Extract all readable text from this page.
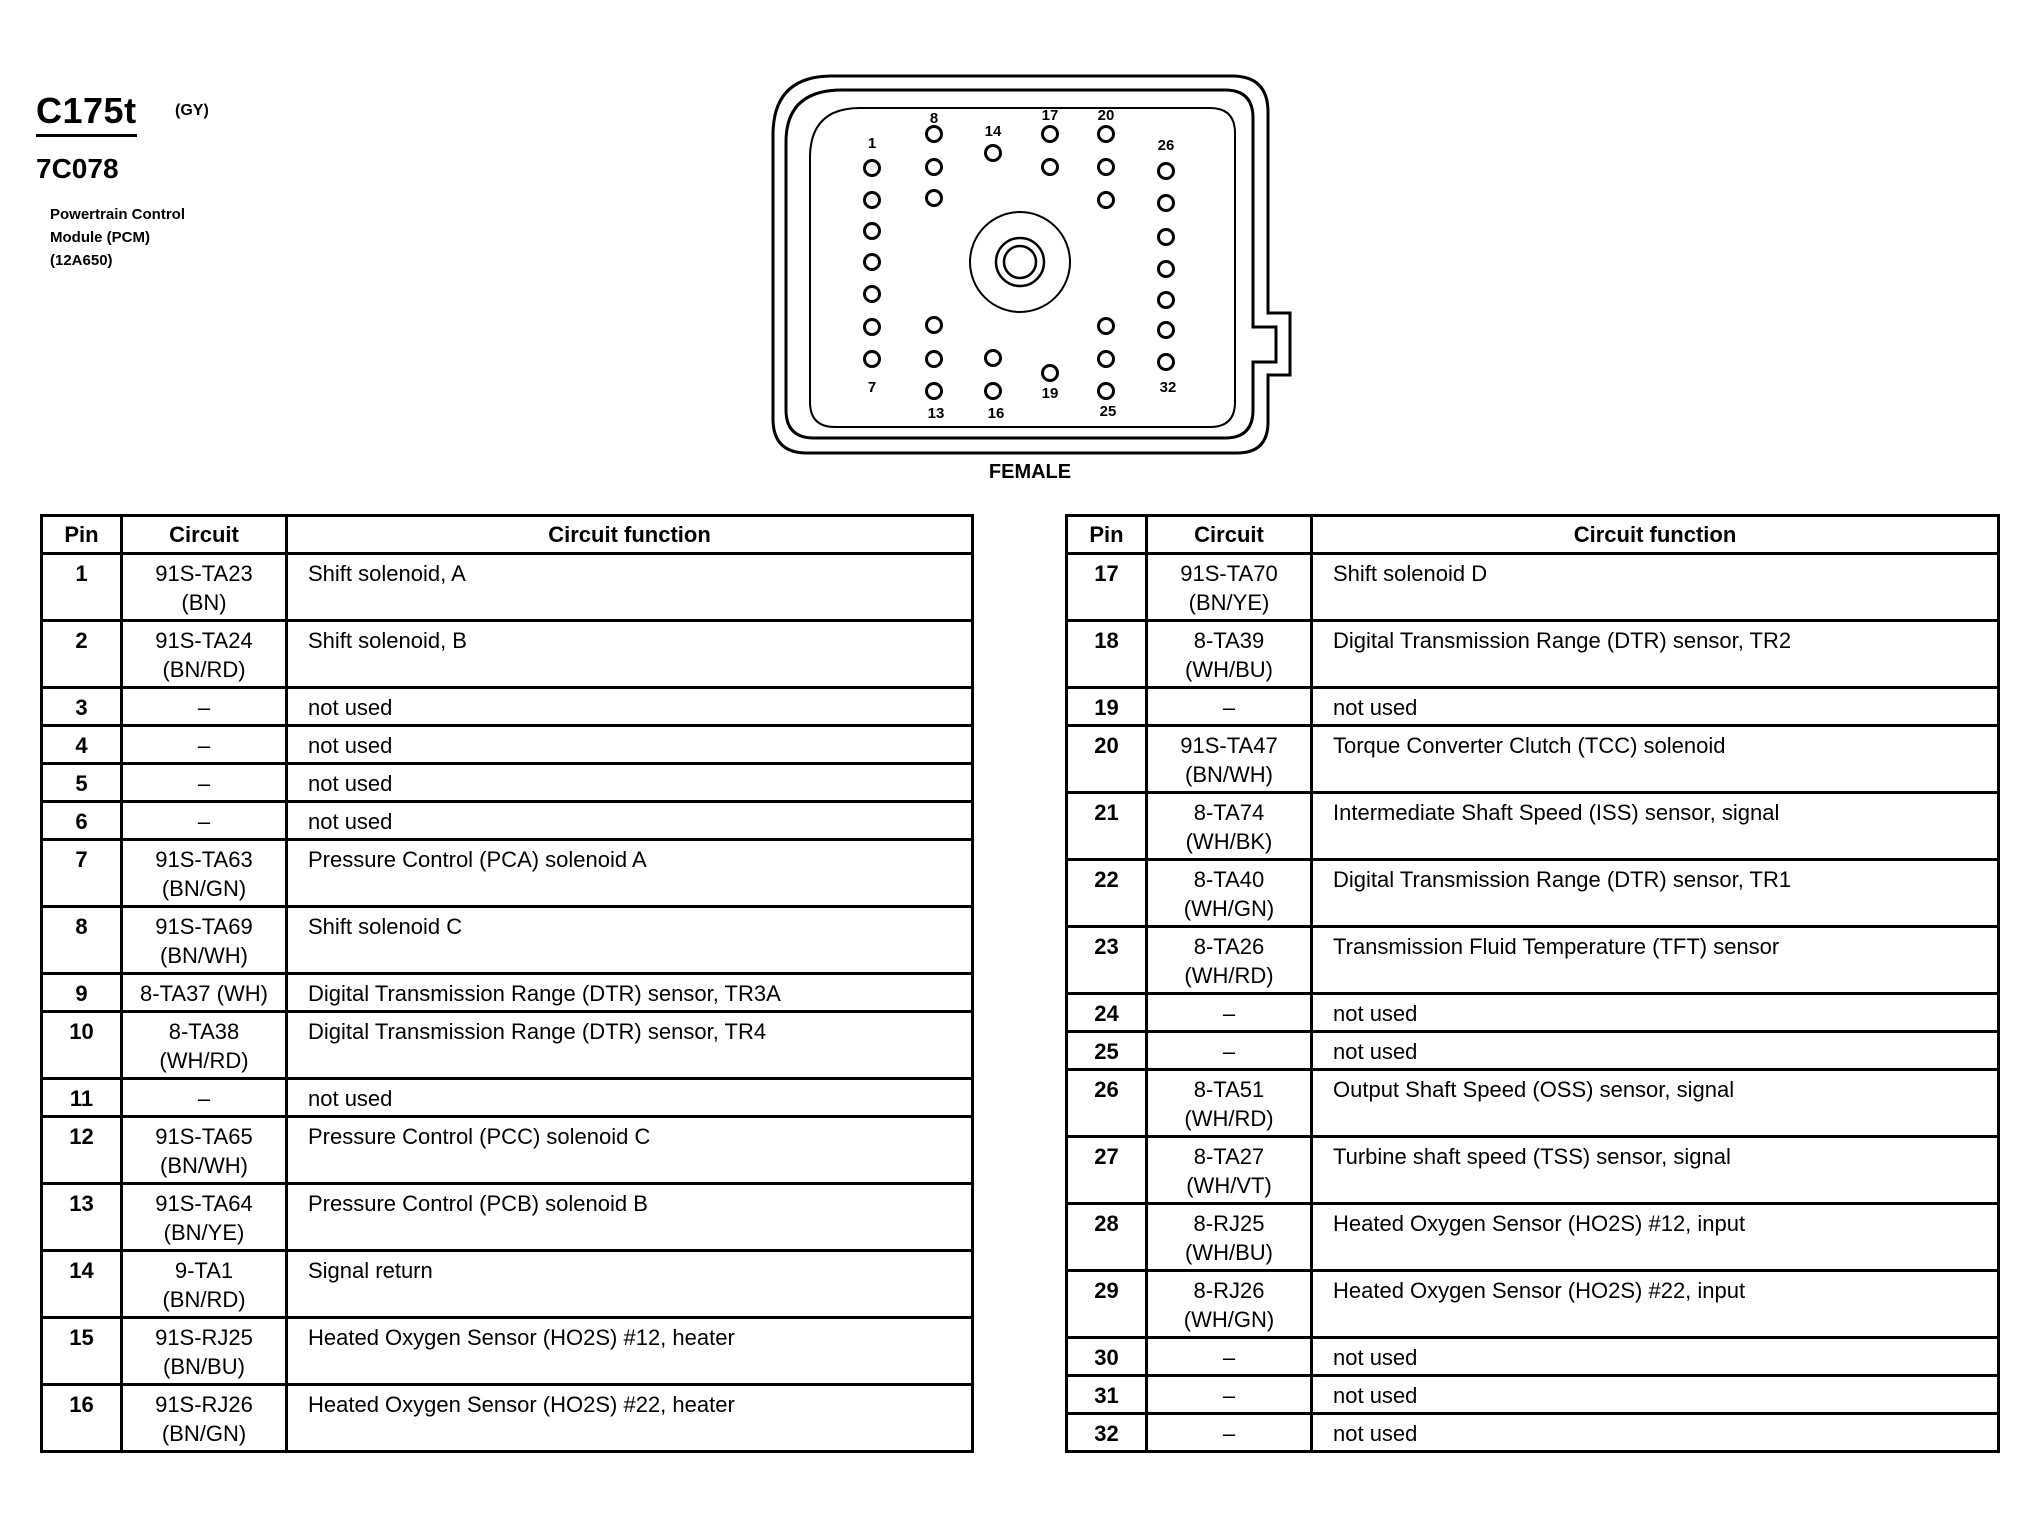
C175t (GY)
7C078
Powertrain Control
Module (PCM)
(12A650)
1
8
14
17	20
26
7
13	16
19
25
32
FEMALE
Pin	Circuit	Circuit function
1	91S-TA23 (BN)	Shift solenoid, A
2	91S-TA24 (BN/RD)	Shift solenoid, B
3	–	not used
4	–	not used
5	–	not used
6	–	not used
7	91S-TA63 (BN/GN)	Pressure Control (PCA) solenoid A
8	91S-TA69 (BN/WH)	Shift solenoid C
9	8-TA37 (WH)	Digital Transmission Range (DTR) sensor, TR3A
10	8-TA38 (WH/RD)	Digital Transmission Range (DTR) sensor, TR4
11	–	not used
12	91S-TA65 (BN/WH)	Pressure Control (PCC) solenoid C
13	91S-TA64 (BN/YE)	Pressure Control (PCB) solenoid B
14	9-TA1 (BN/RD)	Signal return
15	91S-RJ25 (BN/BU)	Heated Oxygen Sensor (HO2S) #12, heater
16	91S-RJ26 (BN/GN)	Heated Oxygen Sensor (HO2S) #22, heater
Pin	Circuit	Circuit function
17	91S-TA70 (BN/YE)	Shift solenoid D
18	8-TA39 (WH/BU)	Digital Transmission Range (DTR) sensor, TR2
19	–	not used
20	91S-TA47 (BN/WH)	Torque Converter Clutch (TCC) solenoid
21	8-TA74 (WH/BK)	Intermediate Shaft Speed (ISS) sensor, signal
22	8-TA40 (WH/GN)	Digital Transmission Range (DTR) sensor, TR1
23	8-TA26 (WH/RD)	Transmission Fluid Temperature (TFT) sensor
24	–	not used
25	–	not used
26	8-TA51 (WH/RD)	Output Shaft Speed (OSS) sensor, signal
27	8-TA27 (WH/VT)	Turbine shaft speed (TSS) sensor, signal
28	8-RJ25 (WH/BU)	Heated Oxygen Sensor (HO2S) #12, input
29	8-RJ26 (WH/GN)	Heated Oxygen Sensor (HO2S) #22, input
30	–	not used
31	–	not used
32	–	not used
